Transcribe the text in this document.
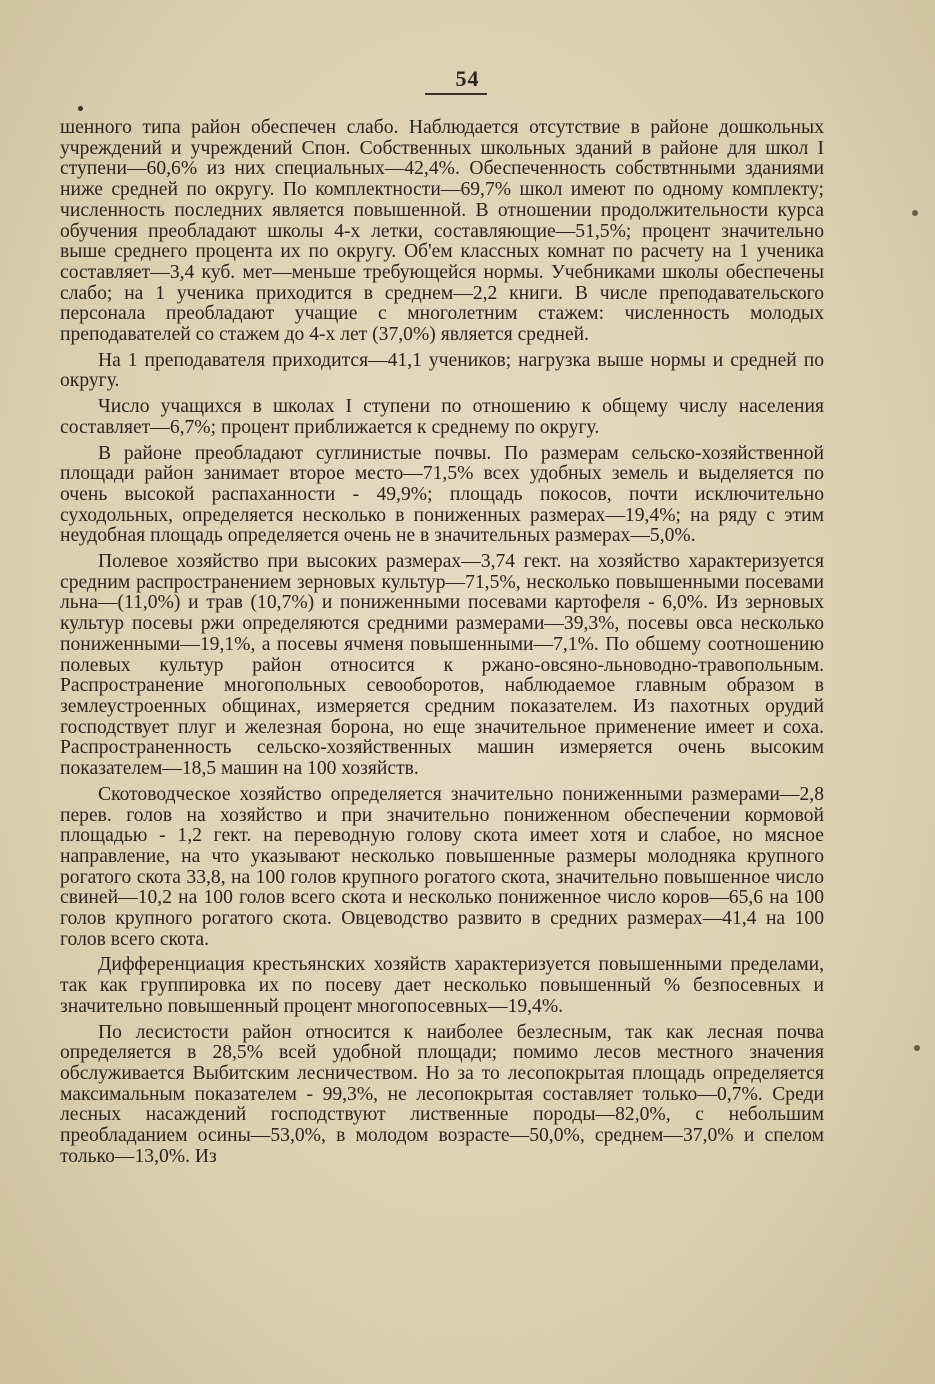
54

шенного типа район обеспечен слабо. Наблюдается отсутствие в районе дошкольных учреждений и учреждений Спон. Собственных школьных зданий в районе для школ I ступени—60,6% из них специальных—42,4%. Обеспеченность собствтнными зданиями ниже средней по округу. По комплектности—69,7% школ имеют по одному комплекту; численность последних является повышенной. В отношении продолжительности курса обучения преобладают школы 4-х летки, составляющие—51,5%; процент значительно выше среднего процента их по округу. Об'ем классных комнат по расчету на 1 ученика составляет—3,4 куб. мет—меньше требующейся нормы. Учебниками школы обеспечены слабо; на 1 ученика приходится в среднем—2,2 книги. В числе преподавательского персонала преобладают учащие с многолетним стажем: численность молодых преподавателей со стажем до 4-х лет (37,0%) является средней.

На 1 преподавателя приходится—41,1 учеников; нагрузка выше нормы и средней по округу.

Число учащихся в школах I ступени по отношению к общему числу населения составляет—6,7%; процент приближается к среднему по округу.

В районе преобладают суглинистые почвы. По размерам сельско-хозяйственной площади район занимает второе место—71,5% всех удобных земель и выделяется по очень высокой распаханности - 49,9%; площадь покосов, почти исключительно суходольных, определяется несколько в пониженных размерах—19,4%; на ряду с этим неудобная площадь определяется очень не в значительных размерах—5,0%.

Полевое хозяйство при высоких размерах—3,74 гект. на хозяйство характеризуется средним распространением зерновых культур—71,5%, несколько повышенными посевами льна—(11,0%) и трав (10,7%) и пониженными посевами картофеля - 6,0%. Из зерновых культур посевы ржи определяются средними размерами—39,3%, посевы овса несколько пониженными—19,1%, а посевы ячменя повышенными—7,1%. По обшему соотношению полевых культур район относится к ржано-овсяно-льноводно-травопольным. Распространение многопольных севооборотов, наблюдаемое главным образом в землеустроенных общинах, измеряется средним показателем. Из пахотных орудий господствует плуг и железная борона, но еще значительное применение имеет и соха. Распространенность сельско-хозяйственных машин измеряется очень высоким показателем—18,5 машин на 100 хозяйств.

Скотоводческое хозяйство определяется значительно пониженными размерами—2,8 перев. голов на хозяйство и при значительно пониженном обеспечении кормовой площадью - 1,2 гект. на переводную голову скота имеет хотя и слабое, но мясное направление, на что указывают несколько повышенные размеры молодняка крупного рогатого скота 33,8, на 100 голов крупного рогатого скота, значительно повышенное число свиней—10,2 на 100 голов всего скота и несколько пониженное число коров—65,6 на 100 голов крупного рогатого скота. Овцеводство развито в средних размерах—41,4 на 100 голов всего скота.

Дифференциация крестьянских хозяйств характеризуется повышенными пределами, так как группировка их по посеву дает несколько повышенный % безпосевных и значительно повышенный процент многопосевных—19,4%.

По лесистости район относится к наиболее безлесным, так как лесная почва определяется в 28,5% всей удобной площади; помимо лесов местного значения обслуживается Выбитским лесничеством. Но за то лесопокрытая площадь определяется максимальным показателем - 99,3%, не лесопокрытая составляет только—0,7%. Среди лесных насаждений господствуют лиственные породы—82,0%, с небольшим преобладанием осины—53,0%, в молодом возрасте—50,0%, среднем—37,0% и спелом только—13,0%. Из
